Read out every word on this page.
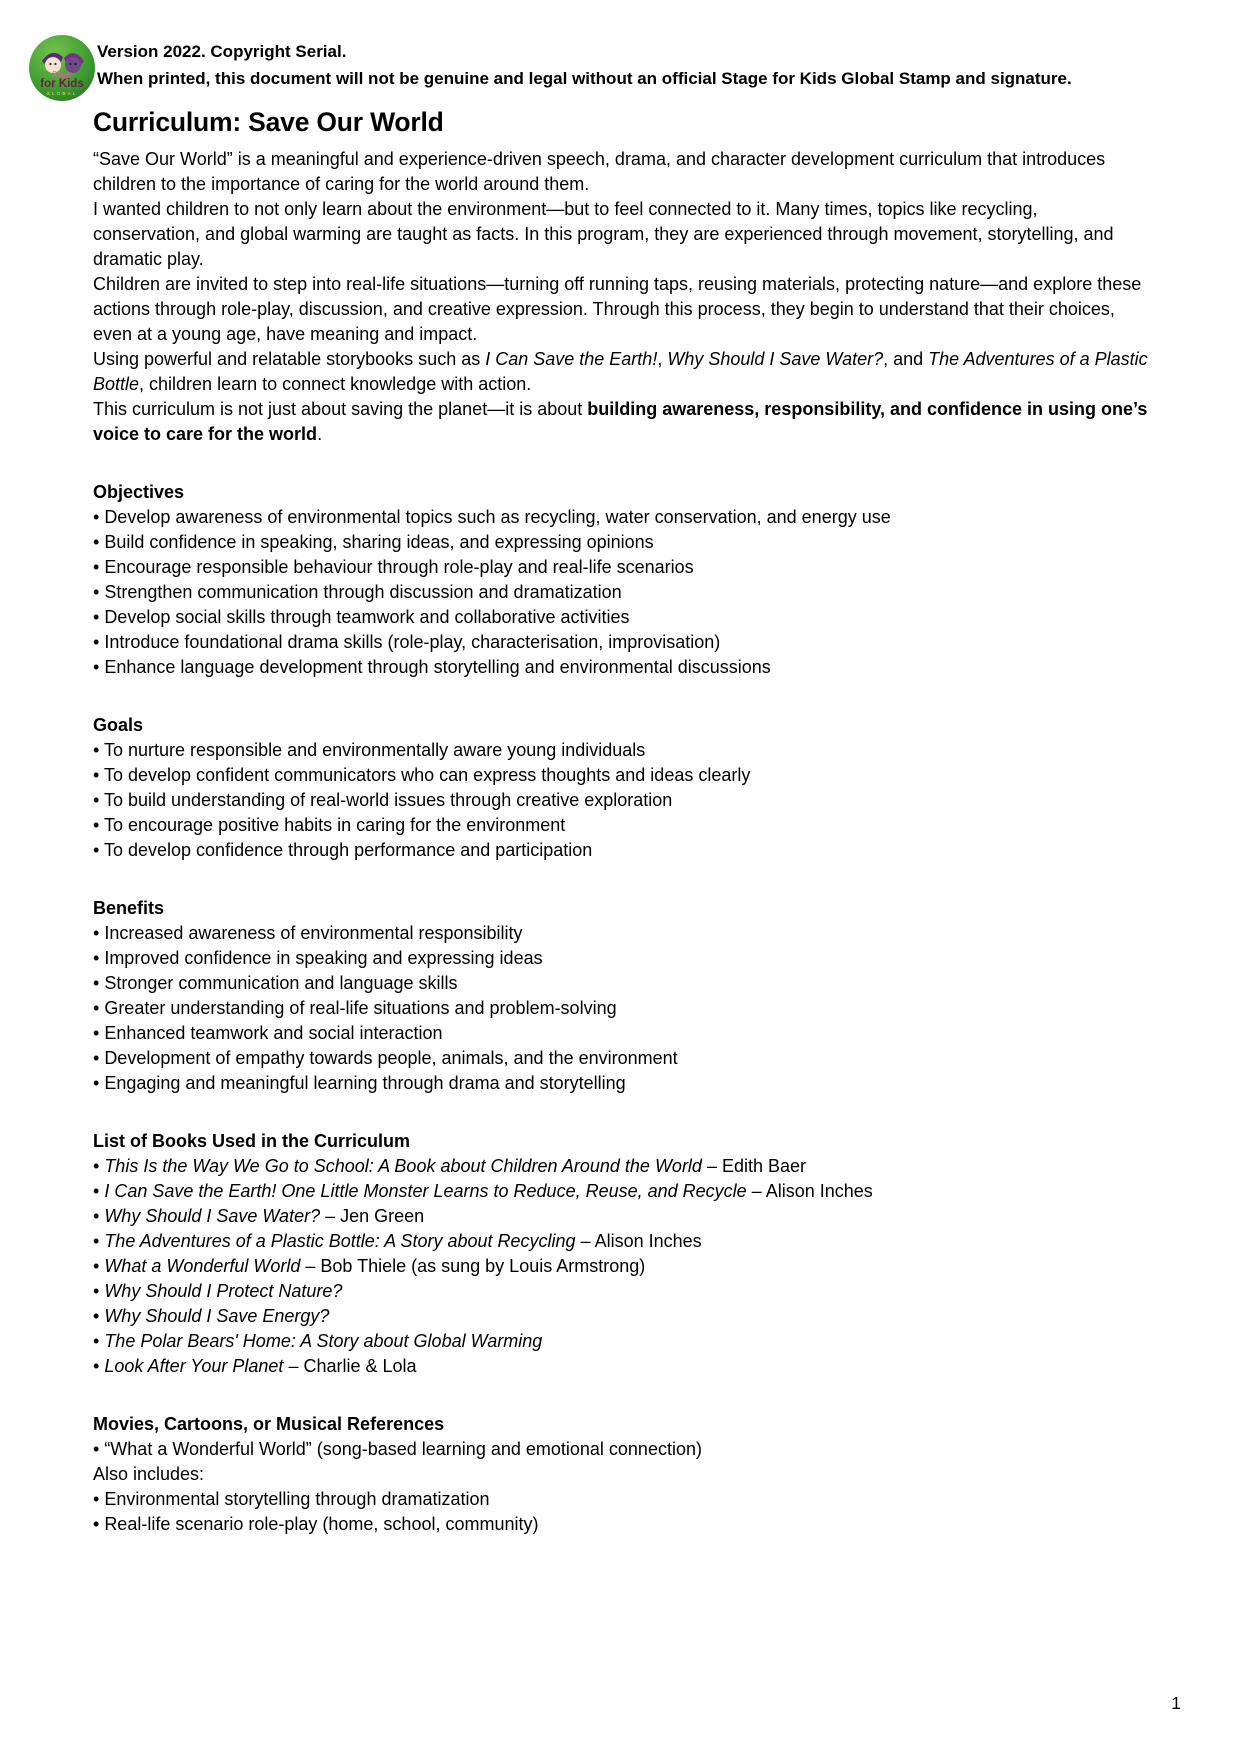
Stage
for Kids
GLOBAL
Version 2022. Copyright Serial.
When printed, this document will not be genuine and legal without an official Stage for Kids Global Stamp and signature.
Curriculum: Save Our World

“Save Our World” is a meaningful and experience-driven speech, drama, and character development curriculum that introduces children to the importance of caring for the world around them.

I wanted children to not only learn about the environment—but to feel connected to it. Many times, topics like recycling, conservation, and global warming are taught as facts. In this program, they are experienced through movement, storytelling, and dramatic play.

Children are invited to step into real-life situations—turning off running taps, reusing materials, protecting nature—and explore these actions through role-play, discussion, and creative expression. Through this process, they begin to understand that their choices, even at a young age, have meaning and impact.

Using powerful and relatable storybooks such as I Can Save the Earth!, Why Should I Save Water?, and The Adventures of a Plastic Bottle, children learn to connect knowledge with action.

This curriculum is not just about saving the planet—it is about building awareness, responsibility, and confidence in using one’s voice to care for the world.

Objectives
• Develop awareness of environmental topics such as recycling, water conservation, and energy use
• Build confidence in speaking, sharing ideas, and expressing opinions
• Encourage responsible behaviour through role-play and real-life scenarios
• Strengthen communication through discussion and dramatization
• Develop social skills through teamwork and collaborative activities
• Introduce foundational drama skills (role-play, characterisation, improvisation)
• Enhance language development through storytelling and environmental discussions
Goals
• To nurture responsible and environmentally aware young individuals
• To develop confident communicators who can express thoughts and ideas clearly
• To build understanding of real-world issues through creative exploration
• To encourage positive habits in caring for the environment
• To develop confidence through performance and participation
Benefits
• Increased awareness of environmental responsibility
• Improved confidence in speaking and expressing ideas
• Stronger communication and language skills
• Greater understanding of real-life situations and problem-solving
• Enhanced teamwork and social interaction
• Development of empathy towards people, animals, and the environment
• Engaging and meaningful learning through drama and storytelling
List of Books Used in the Curriculum
• This Is the Way We Go to School: A Book about Children Around the World – Edith Baer
• I Can Save the Earth! One Little Monster Learns to Reduce, Reuse, and Recycle – Alison Inches
• Why Should I Save Water? – Jen Green
• The Adventures of a Plastic Bottle: A Story about Recycling – Alison Inches
• What a Wonderful World – Bob Thiele (as sung by Louis Armstrong)
• Why Should I Protect Nature?
• Why Should I Save Energy?
• The Polar Bears' Home: A Story about Global Warming
• Look After Your Planet – Charlie & Lola
Movies, Cartoons, or Musical References
• “What a Wonderful World” (song-based learning and emotional connection)
Also includes:
• Environmental storytelling through dramatization
• Real-life scenario role-play (home, school, community)
1
